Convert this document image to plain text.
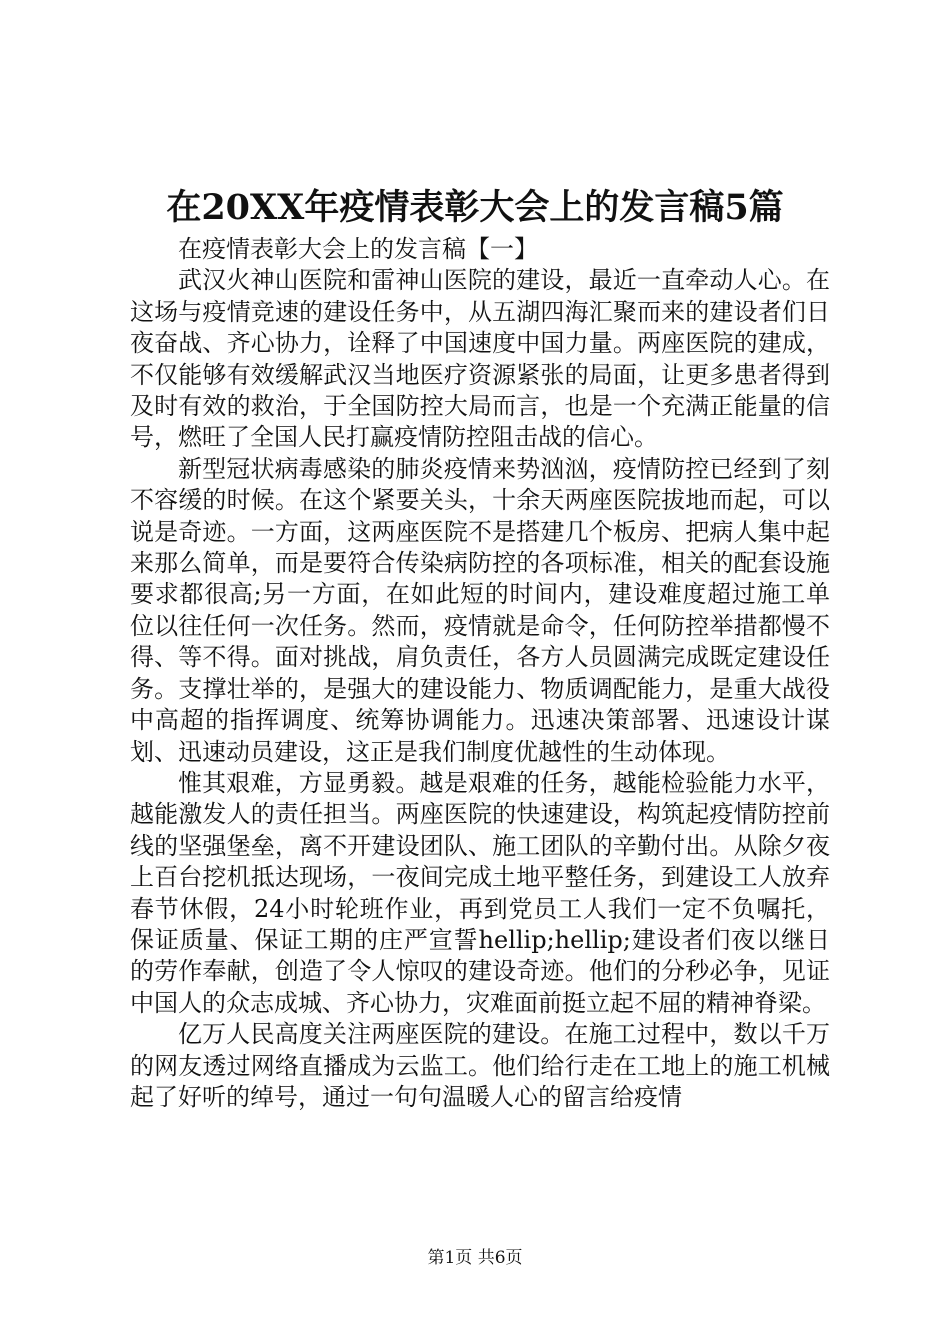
在20XX年疫情表彰大会上的发言稿5篇

在疫情表彰大会上的发言稿【一】

武汉火神山医院和雷神山医院的建设，最近一直牵动人心。在这场与疫情竞速的建设任务中，从五湖四海汇聚而来的建设者们日夜奋战、齐心协力，诠释了中国速度中国力量。两座医院的建成，不仅能够有效缓解武汉当地医疗资源紧张的局面，让更多患者得到及时有效的救治，于全国防控大局而言，也是一个充满正能量的信号，燃旺了全国人民打赢疫情防控阻击战的信心。

新型冠状病毒感染的肺炎疫情来势汹汹，疫情防控已经到了刻不容缓的时候。在这个紧要关头，十余天两座医院拔地而起，可以说是奇迹。一方面，这两座医院不是搭建几个板房、把病人集中起来那么简单，而是要符合传染病防控的各项标准，相关的配套设施要求都很高;另一方面，在如此短的时间内，建设难度超过施工单位以往任何一次任务。然而，疫情就是命令，任何防控举措都慢不得、等不得。面对挑战，肩负责任，各方人员圆满完成既定建设任务。支撑壮举的，是强大的建设能力、物质调配能力，是重大战役中高超的指挥调度、统筹协调能力。迅速决策部署、迅速设计谋划、迅速动员建设，这正是我们制度优越性的生动体现。

惟其艰难，方显勇毅。越是艰难的任务，越能检验能力水平，越能激发人的责任担当。两座医院的快速建设，构筑起疫情防控前线的坚强堡垒，离不开建设团队、施工团队的辛勤付出。从除夕夜上百台挖机抵达现场，一夜间完成土地平整任务，到建设工人放弃春节休假，24小时轮班作业，再到党员工人我们一定不负嘱托，保证质量、保证工期的庄严宣誓hellip;hellip;建设者们夜以继日的劳作奉献，创造了令人惊叹的建设奇迹。他们的分秒必争，见证中国人的众志成城、齐心协力，灾难面前挺立起不屈的精神脊梁。

亿万人民高度关注两座医院的建设。在施工过程中，数以千万的网友透过网络直播成为云监工。他们给行走在工地上的施工机械起了好听的绰号，通过一句句温暖人心的留言给疫情

第1页 共6页
